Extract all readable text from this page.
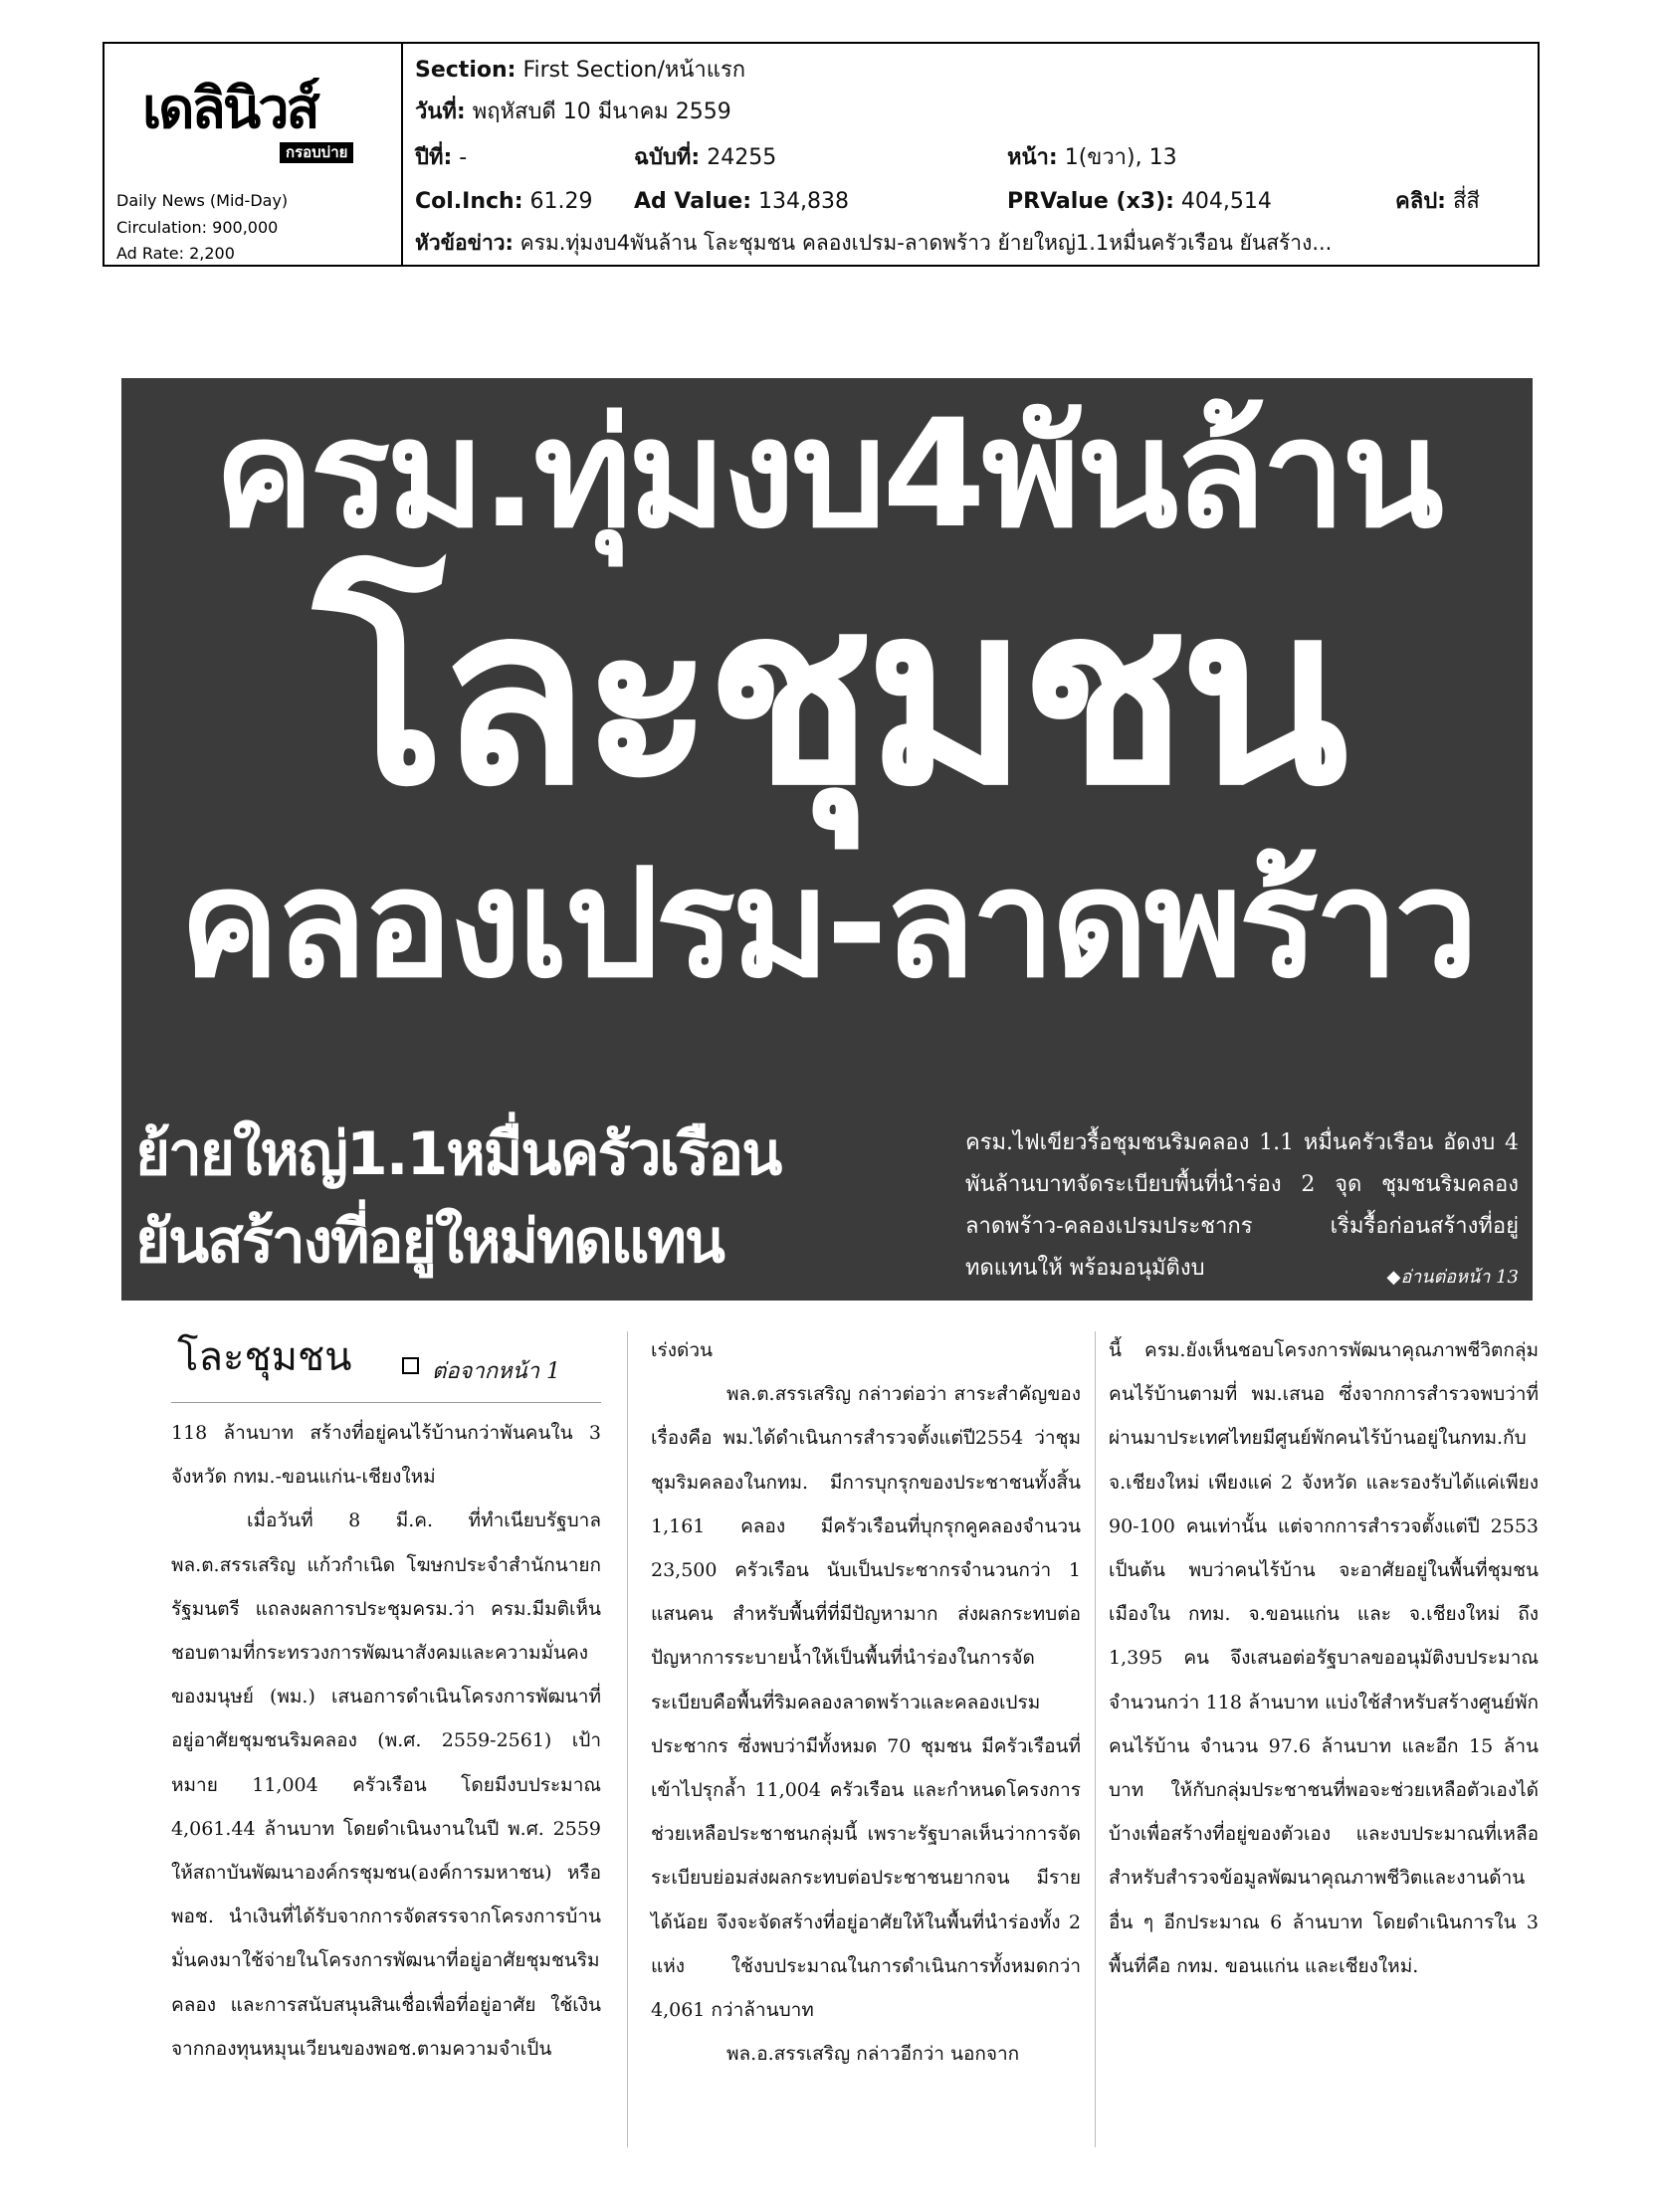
เดลินิวส์
กรอบบ่าย
Daily News (Mid-Day)
Circulation: 900,000
Ad Rate: 2,200
Section: First Section/หน้าแรก
วันที่: พฤหัสบดี 10 มีนาคม 2559
ปีที่: -	ฉบับที่: 24255	หน้า: 1(ขวา), 13
Col.Inch: 61.29 Ad Value: 134,838	PRValue (x3): 404,514	คลิป: สี่สี
หัวข้อข่าว: ครม.ทุ่มงบ4พันล้าน โละชุมชน คลองเปรม-ลาดพร้าว ย้ายใหญ่1.1หมื่นครัวเรือน ยันสร้าง...
ครม.ทุ่มงบ4พันล้าน
โละชุมชน
คลองเปรม-ลาดพร้าว
ย้ายใหญ่1.1หมื่นครัวเรือน
ยันสร้างที่อยู่ใหม่ทดแทน
ครม.ไฟเขียวรื้อชุมชนริมคลอง 1.1 หมื่นครัวเรือน อัดงบ 4 พันล้านบาทจัดระเบียบพื้นที่นำร่อง 2 จุด ชุมชนริมคลองลาดพร้าว-คลองเปรมประชากร เริ่มรื้อก่อนสร้างที่อยู่ทดแทนให้ พร้อมอนุมัติงบ	◆อ่านต่อหน้า 13
โละชุมชน	ต่อจากหน้า 1

118 ล้านบาท สร้างที่อยู่คนไร้บ้านกว่าพันคนใน 3 จังหวัด กทม.-ขอนแก่น-เชียงใหม่

เมื่อวันที่ 8 มี.ค. ที่ทำเนียบรัฐบาล พล.ต.สรรเสริญ แก้วกำเนิด โฆษกประจำสำนักนายกรัฐมนตรี แถลงผลการประชุมครม.ว่า ครม.มีมติเห็นชอบตามที่กระทรวงการพัฒนาสังคมและความมั่นคงของมนุษย์ (พม.) เสนอการดำเนินโครงการพัฒนาที่อยู่อาศัยชุมชนริมคลอง (พ.ศ. 2559-2561) เป้าหมาย 11,004 ครัวเรือน โดยมีงบประมาณ 4,061.44 ล้านบาท โดยดำเนินงานในปี พ.ศ. 2559 ให้สถาบันพัฒนาองค์กรชุมชน(องค์การมหาชน) หรือ พอช. นำเงินที่ได้รับจากการจัดสรรจากโครงการบ้านมั่นคงมาใช้จ่ายในโครงการพัฒนาที่อยู่อาศัยชุมชนริมคลอง และการสนับสนุนสินเชื่อเพื่อที่อยู่อาศัย ใช้เงินจากกองทุนหมุนเวียนของพอช.ตามความจำเป็น

เร่งด่วน

พล.ต.สรรเสริญ กล่าวต่อว่า สาระสำคัญของเรื่องคือ พม.ได้ดำเนินการสำรวจตั้งแต่ปี2554 ว่าชุมชุมริมคลองในกทม. มีการบุกรุกของประชาชนทั้งสิ้น 1,161 คลอง มีครัวเรือนที่บุกรุกคูคลองจำนวน 23,500 ครัวเรือน นับเป็นประชากรจำนวนกว่า 1 แสนคน สำหรับพื้นที่ที่มีปัญหามาก ส่งผลกระทบต่อปัญหาการระบายน้ำให้เป็นพื้นที่นำร่องในการจัดระเบียบคือพื้นที่ริมคลองลาดพร้าวและคลองเปรมประชากร ซึ่งพบว่ามีทั้งหมด 70 ชุมชน มีครัวเรือนที่เข้าไปรุกล้ำ 11,004 ครัวเรือน และกำหนดโครงการช่วยเหลือประชาชนกลุ่มนี้ เพราะรัฐบาลเห็นว่าการจัดระเบียบย่อมส่งผลกระทบต่อประชาชนยากจน มีรายได้น้อย จึงจะจัดสร้างที่อยู่อาศัยให้ในพื้นที่นำร่องทั้ง 2 แห่ง ใช้งบประมาณในการดำเนินการทั้งหมดกว่า 4,061 กว่าล้านบาท

พล.อ.สรรเสริญ กล่าวอีกว่า นอกจาก

นี้ ครม.ยังเห็นชอบโครงการพัฒนาคุณภาพชีวิตกลุ่มคนไร้บ้านตามที่ พม.เสนอ ซึ่งจากการสำรวจพบว่าที่ผ่านมาประเทศไทยมีศูนย์พักคนไร้บ้านอยู่ในกทม.กับ จ.เชียงใหม่ เพียงแค่ 2 จังหวัด และรองรับได้แค่เพียง 90-100 คนเท่านั้น แต่จากการสำรวจตั้งแต่ปี 2553 เป็นต้น พบว่าคนไร้บ้าน จะอาศัยอยู่ในพื้นที่ชุมชนเมืองใน กทม. จ.ขอนแก่น และ จ.เชียงใหม่ ถึง 1,395 คน จึงเสนอต่อรัฐบาลขออนุมัติงบประมาณจำนวนกว่า 118 ล้านบาท แบ่งใช้สำหรับสร้างศูนย์พักคนไร้บ้าน จำนวน 97.6 ล้านบาท และอีก 15 ล้านบาท ให้กับกลุ่มประชาชนที่พอจะช่วยเหลือตัวเองได้บ้างเพื่อสร้างที่อยู่ของตัวเอง และงบประมาณที่เหลือสำหรับสำรวจข้อมูลพัฒนาคุณภาพชีวิตและงานด้านอื่น ๆ อีกประมาณ 6 ล้านบาท โดยดำเนินการใน 3 พื้นที่คือ กทม. ขอนแก่น และเชียงใหม่.
